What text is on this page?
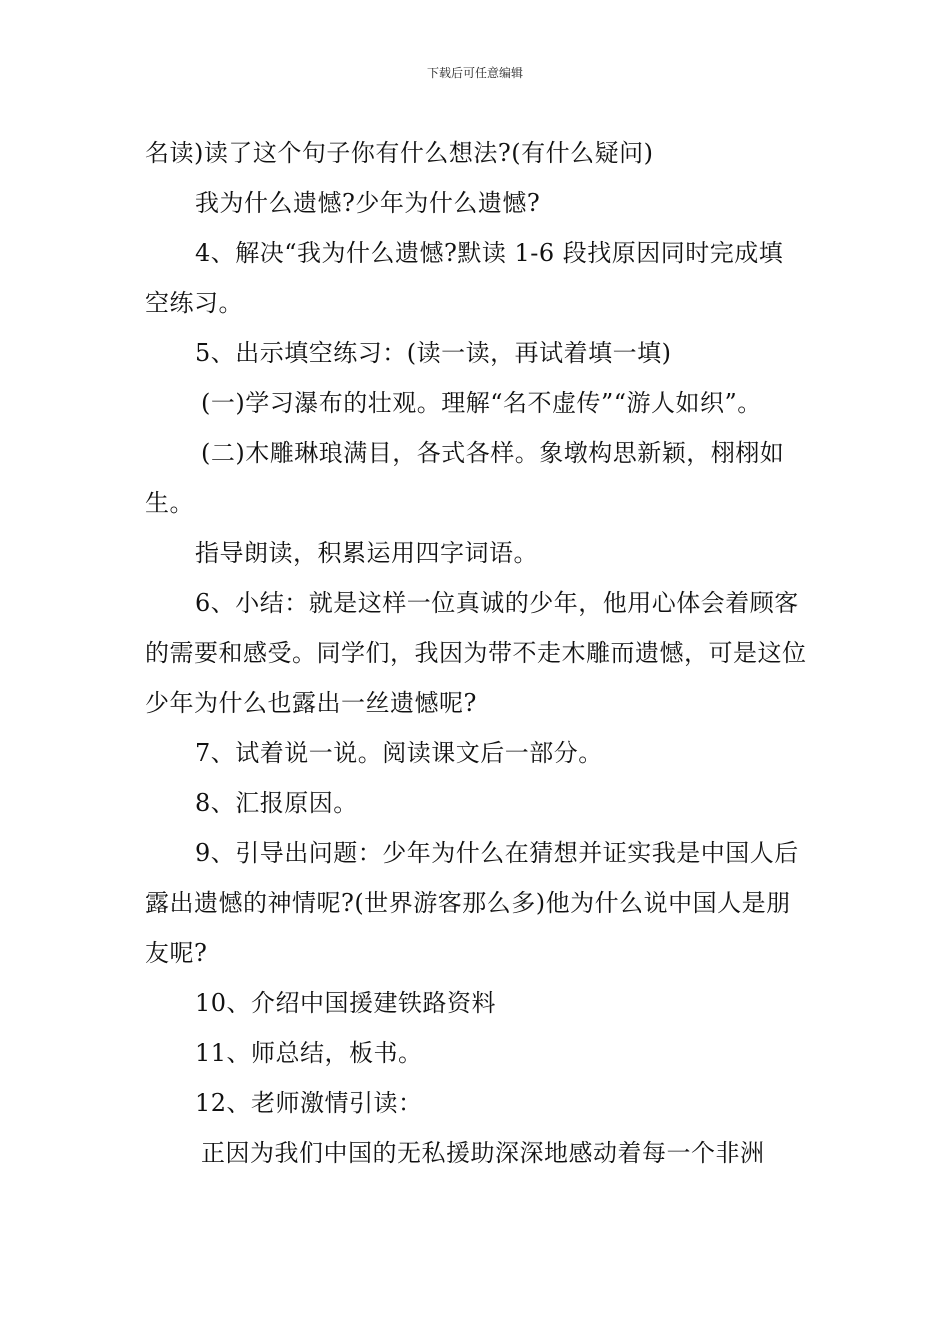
下载后可任意编辑

名读)读了这个句子你有什么想法?(有什么疑问)

我为什么遗憾?少年为什么遗憾?

4、解决“我为什么遗憾?默读 1-6 段找原因同时完成填空练习。

5、出示填空练习：(读一读，再试着填一填)

(一)学习瀑布的壮观。理解“名不虚传”“游人如织”。

(二)木雕琳琅满目，各式各样。象墩构思新颖，栩栩如生。

指导朗读，积累运用四字词语。

6、小结：就是这样一位真诚的少年，他用心体会着顾客的需要和感受。同学们，我因为带不走木雕而遗憾，可是这位少年为什么也露出一丝遗憾呢?

7、试着说一说。阅读课文后一部分。

8、汇报原因。

9、引导出问题：少年为什么在猜想并证实我是中国人后露出遗憾的神情呢?(世界游客那么多)他为什么说中国人是朋友呢?

10、介绍中国援建铁路资料

11、师总结，板书。

12、老师激情引读：

正因为我们中国的无私援助深深地感动着每一个非洲
